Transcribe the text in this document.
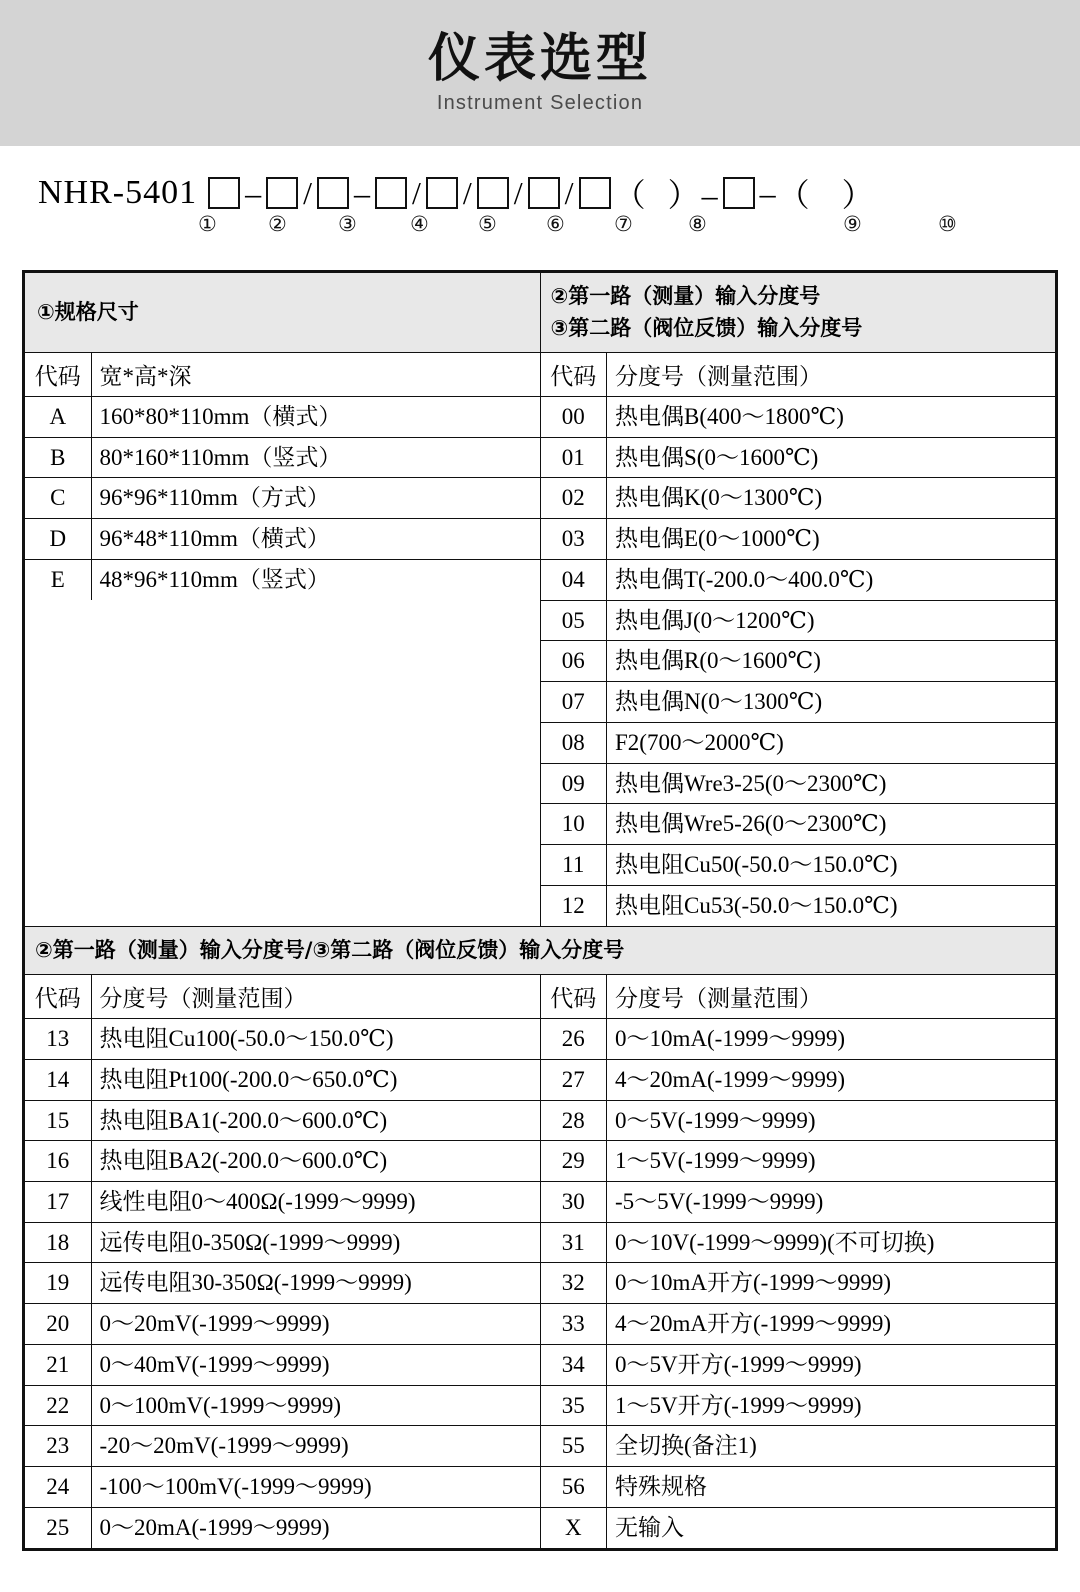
仪表选型
Instrument Selection
NHR-5401 – / – / / / / （  ）– – （   ）
① ② ③	④ ⑤ ⑥ ⑦	⑧	⑨	⑩
①规格尺寸

②第一路（测量）输入分度号
③第二路（阀位反馈）输入分度号

代码	宽*高*深
A	160*80*110mm（横式）
B	80*160*110mm（竖式）
C	96*96*110mm（方式）
D	96*48*110mm（横式）
E	48*96*110mm（竖式）

代码	分度号（测量范围）
00	热电偶B(400～1800℃)
01	热电偶S(0～1600℃)
02	热电偶K(0～1300℃)
03	热电偶E(0～1000℃)
04	热电偶T(-200.0～400.0℃)
05	热电偶J(0～1200℃)
06	热电偶R(0～1600℃)
07	热电偶N(0～1300℃)
08	F2(700～2000℃)
09	热电偶Wre3-25(0～2300℃)
10	热电偶Wre5-26(0～2300℃)
11	热电阻Cu50(-50.0～150.0℃)
12	热电阻Cu53(-50.0～150.0℃)

②第一路（测量）输入分度号/③第二路（阀位反馈）输入分度号

代码	分度号（测量范围）
13	热电阻Cu100(-50.0～150.0℃)
14	热电阻Pt100(-200.0～650.0℃)
15	热电阻BA1(-200.0～600.0℃)
16	热电阻BA2(-200.0～600.0℃)
17	线性电阻0～400Ω(-1999～9999)
18	远传电阻0-350Ω(-1999～9999)
19	远传电阻30-350Ω(-1999～9999)
20	0～20mV(-1999～9999)
21	0～40mV(-1999～9999)
22	0～100mV(-1999～9999)
23	-20～20mV(-1999～9999)
24	-100～100mV(-1999～9999)
25	0～20mA(-1999～9999)

代码	分度号（测量范围）
26	0～10mA(-1999～9999)
27	4～20mA(-1999～9999)
28	0～5V(-1999～9999)
29	1～5V(-1999～9999)
30	-5～5V(-1999～9999)
31	0～10V(-1999～9999)(不可切换)
32	0～10mA开方(-1999～9999)
33	4～20mA开方(-1999～9999)
34	0～5V开方(-1999～9999)
35	1～5V开方(-1999～9999)
55	全切换(备注1)
56	特殊规格
X	无输入
